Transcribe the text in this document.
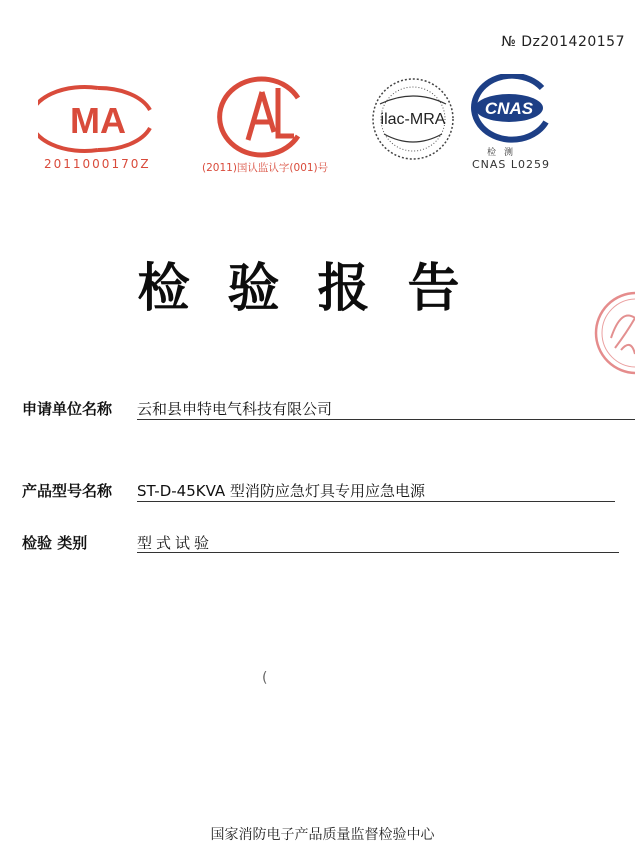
№ Dz201420157
MA
2011000170Z
CAL
(2011)国认监认字(001)号
ilac-MRA
CNAS
检测
CNAS L0259
检验报告
申请单位名称	云和县申特电气科技有限公司
产品型号名称	ST-D-45KVA 型消防应急灯具专用应急电源
检验 类别	型式试验
(
国家消防电子产品质量监督检验中心
